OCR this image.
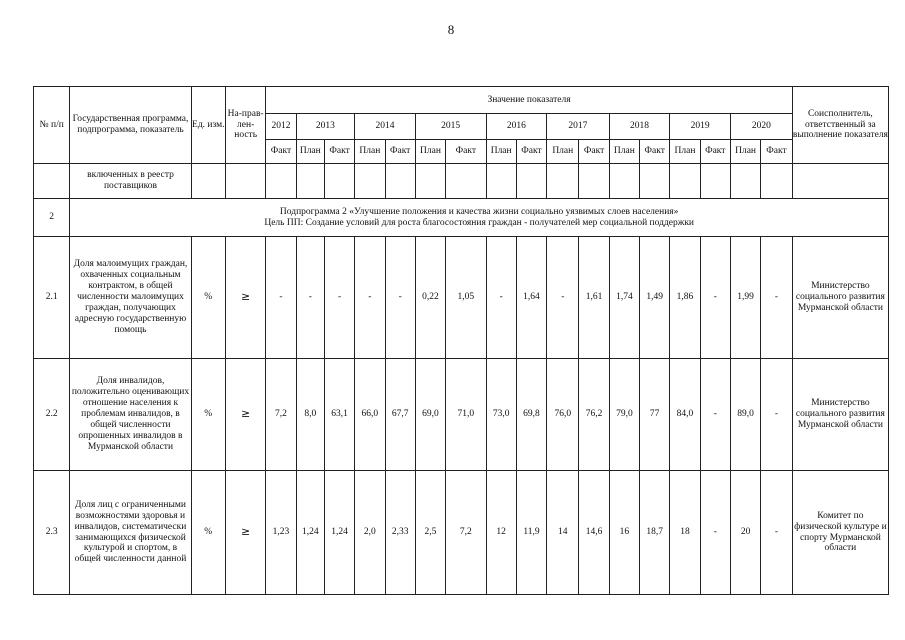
8
№ п/п	Государственная программа, подпрограмма, показатель	Ед. изм.	На-прав-лен-ность	Значение показателя																	Соисполнитель, ответственный за выполнение показателя
				2012	2013		2014		2015		2016		2017		2018		2019		2020		
				Факт	План	Факт	План	Факт	План	Факт	План	Факт	План	Факт	План	Факт	План	Факт	План	Факт	
	включенных в реестр поставщиков																				
2	Подпрограмма 2 «Улучшение положения и качества жизни социально уязвимых слоев населения»
Цель ПП: Создание условий для роста благосостояния граждан - получателей мер социальной поддержки																				

2.1	Доля малоимущих граждан, охваченных социальным контрактом, в общей численности малоимущих граждан, получающих адресную государственную помощь	%	≥	-	-	-	-	-	0,22	1,05	-	1,64	-	1,61	1,74	1,49	1,86	-	1,99	-	Министерство социального развития Мурманской области
2.2	Доля инвалидов, положительно оценивающих отношение населения к проблемам инвалидов, в общей численности опрошенных инвалидов в Мурманской области	%	≥	7,2	8,0	63,1	66,0	67,7	69,0	71,0	73,0	69,8	76,0	76,2	79,0	77	84,0	-	89,0	-	Министерство социального развития Мурманской области
2.3	Доля лиц с ограниченными возможностями здоровья и инвалидов, систематически занимающихся физической культурой и спортом, в общей численности данной	%	≥	1,23	1,24	1,24	2,0	2,33	2,5	7,2	12	11,9	14	14,6	16	18,7	18	-	20	-	Комитет по физической культуре и спорту Мурманской области
